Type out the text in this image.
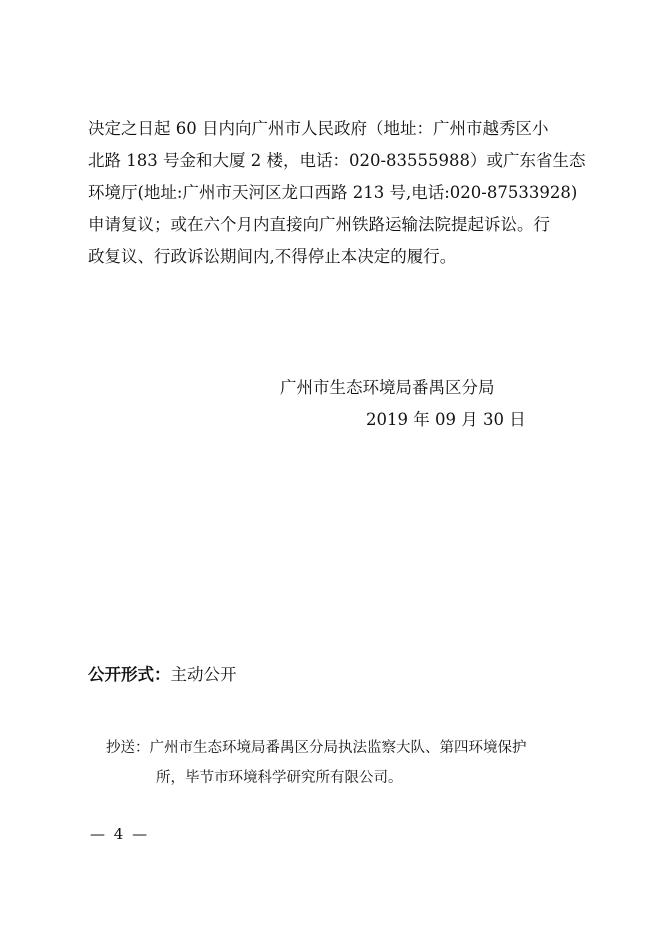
决定之日起 60 日内向广州市人民政府（地址：广州市越秀区小
北路 183 号金和大厦 2 楼，电话：020-83555988）或广东省生态
环境厅(地址:广州市天河区龙口西路 213 号,电话:020-87533928)
申请复议；或在六个月内直接向广州铁路运输法院提起诉讼。行
政复议、行政诉讼期间内,不得停止本决定的履行。
广州市生态环境局番禺区分局
2019 年 09 月 30 日
公开形式：主动公开
抄送：广州市生态环境局番禺区分局执法监察大队、第四环境保护
所，毕节市环境科学研究所有限公司。
— 4 —
